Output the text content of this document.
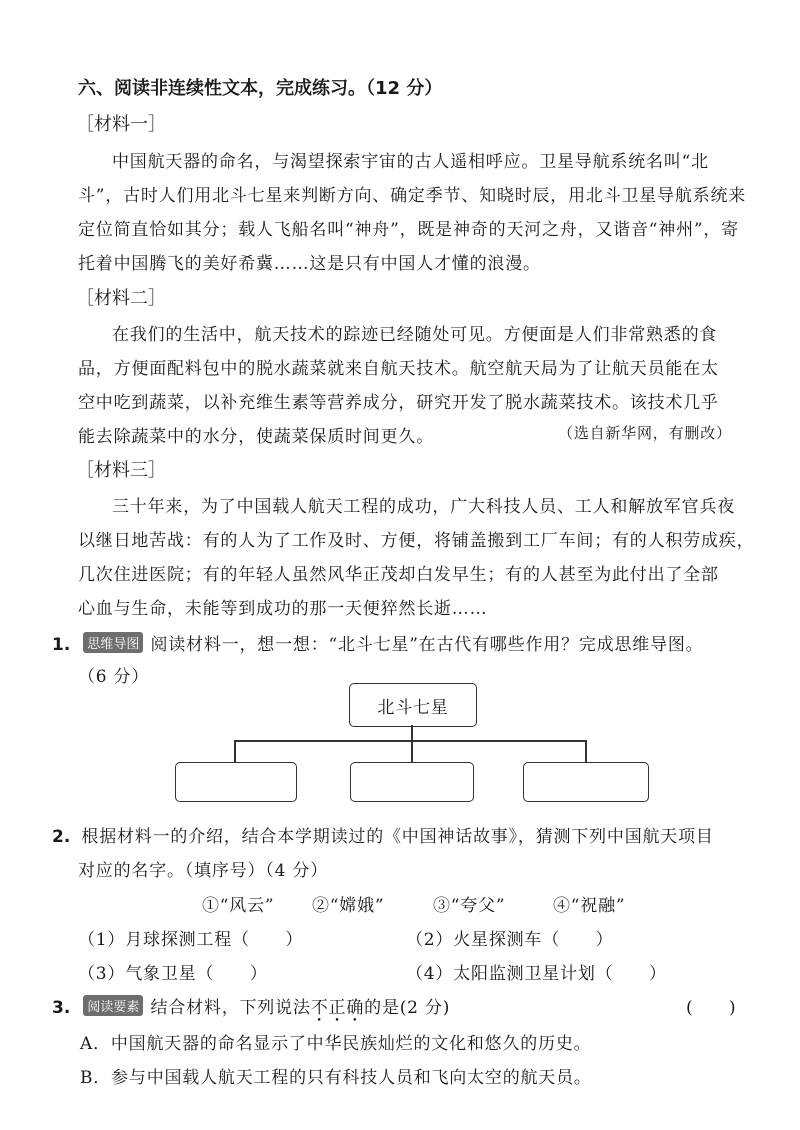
六、阅读非连续性文本，完成练习。（12 分）
［材料一］
中国航天器的命名，与渴望探索宇宙的古人遥相呼应。卫星导航系统名叫“北
斗”，古时人们用北斗七星来判断方向、确定季节、知晓时辰，用北斗卫星导航系统来
定位简直恰如其分；载人飞船名叫“神舟”，既是神奇的天河之舟，又谐音“神州”，寄
托着中国腾飞的美好希冀……这是只有中国人才懂的浪漫。
［材料二］
在我们的生活中，航天技术的踪迹已经随处可见。方便面是人们非常熟悉的食
品，方便面配料包中的脱水蔬菜就来自航天技术。航空航天局为了让航天员能在太
空中吃到蔬菜，以补充维生素等营养成分，研究开发了脱水蔬菜技术。该技术几乎
能去除蔬菜中的水分，使蔬菜保质时间更久。	（选自新华网，有删改）
［材料三］
三十年来，为了中国载人航天工程的成功，广大科技人员、工人和解放军官兵夜
以继日地苦战：有的人为了工作及时、方便，将铺盖搬到工厂车间；有的人积劳成疾，
几次住进医院；有的年轻人虽然风华正茂却白发早生；有的人甚至为此付出了全部
心血与生命，未能等到成功的那一天便猝然长逝……
1. 思维导图 阅读材料一，想一想：“北斗七星”在古代有哪些作用？完成思维导图。
（6 分）
北斗七星
2. 根据材料一的介绍，结合本学期读过的《中国神话故事》，猜测下列中国航天项目
对应的名字。（填序号）（4 分）
①“风云” ②“嫦娥”	③“夸父”	④“祝融”
（1）月球探测工程（　　）	（2）火星探测车（　　）
（3）气象卫星（　　）	（4）太阳监测卫星计划（　　）
3. 阅读要素 结合材料，下列说法不正确的是(2 分)	(　　)
A．中国航天器的命名显示了中华民族灿烂的文化和悠久的历史。
B．参与中国载人航天工程的只有科技人员和飞向太空的航天员。
